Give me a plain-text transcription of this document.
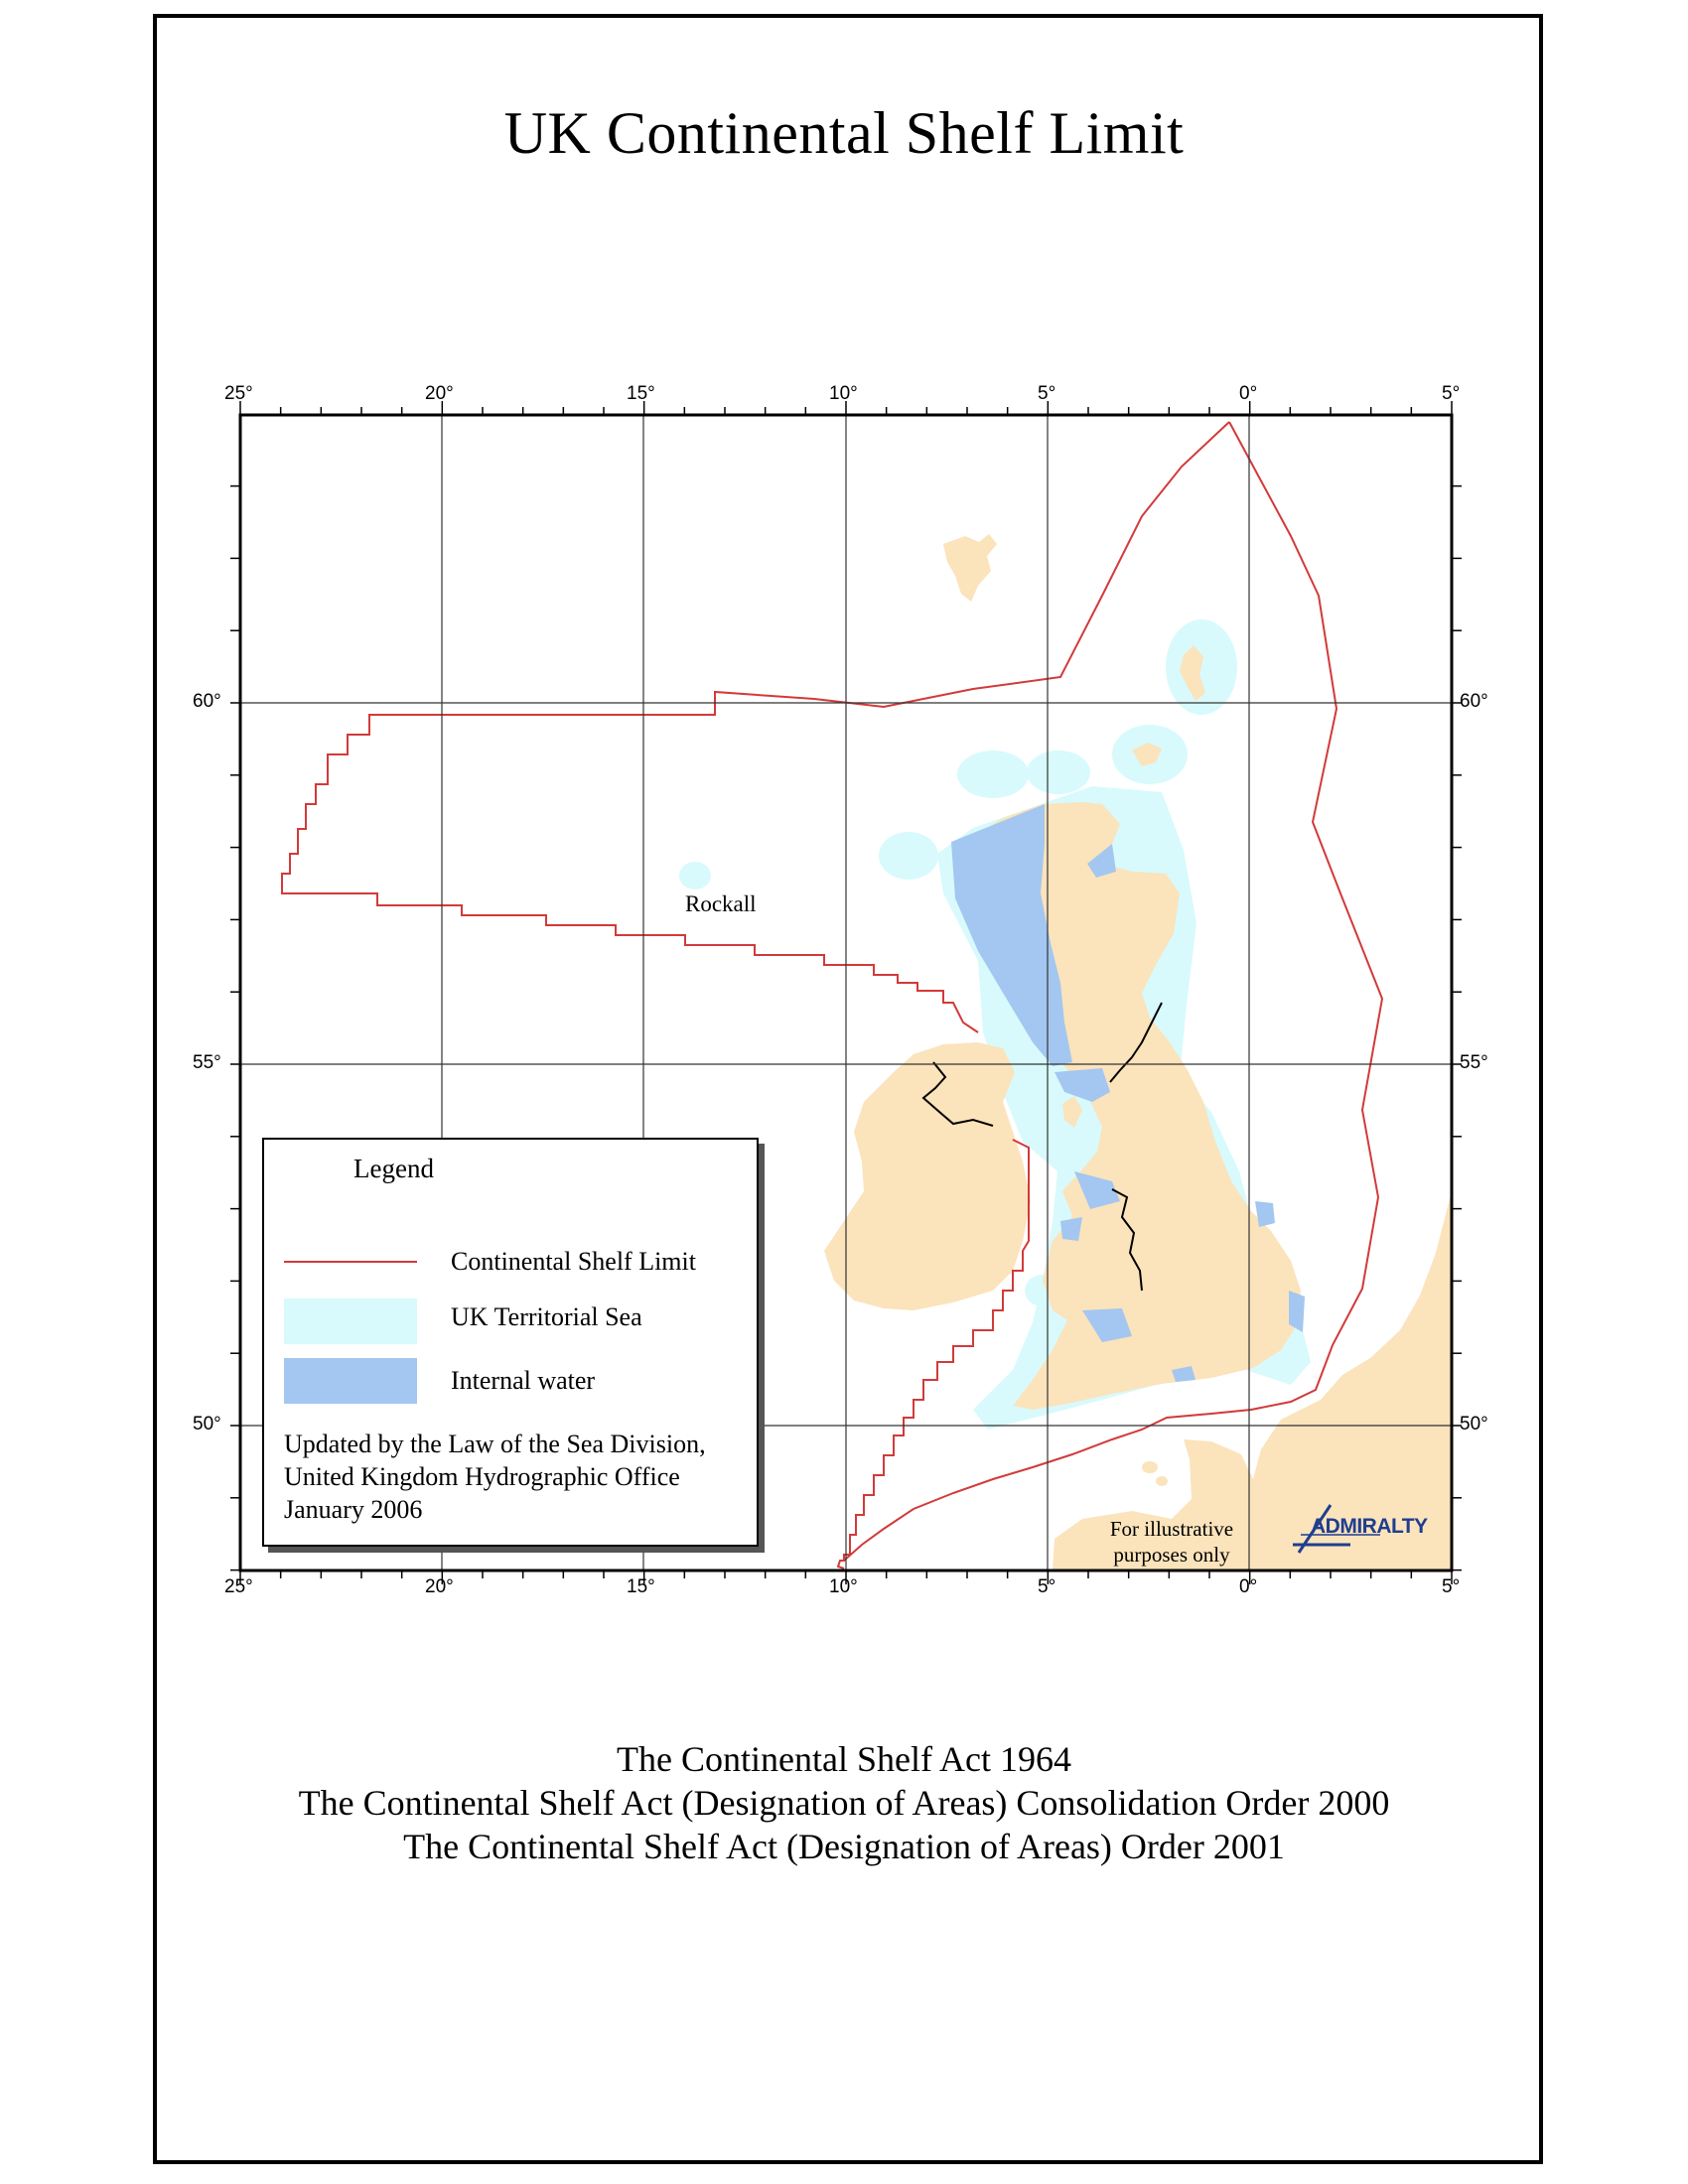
UK Continental Shelf Limit
25°	20°	15°	10°	5°	0°	5°
25°	20°	15°	10°	5°	0°	5°
60°
55°
50°
60°
55°
50°
Rockall
Legend
Continental Shelf Limit
UK Territorial Sea
Internal water
Updated by the Law of the Sea Division,
United Kingdom Hydrographic Office
January 2006
For illustrative
purposes only
ADMIRALTY
The Continental Shelf Act 1964
The Continental Shelf Act (Designation of Areas) Consolidation Order 2000
The Continental Shelf Act (Designation of Areas) Order 2001
